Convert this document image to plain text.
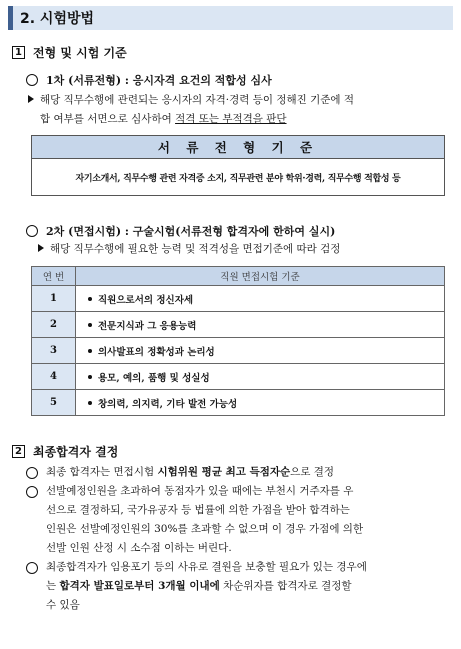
2. 시험방법
1 전형 및 시험 기준
1차 (서류전형) : 응시자격 요건의 적합성 심사
해당 직무수행에 관련되는 응시자의 자격·경력 등이 정해진 기준에 적
합 여부를 서면으로 심사하여 적격 또는 부적격을 판단
서 류 전 형 기 준
자기소개서, 직무수행 관련 자격증 소지, 직무관련 분야 학위·경력, 직무수행 적합성 등
2차 (면접시험) : 구술시험(서류전형 합격자에 한하여 실시)
해당 직무수행에 필요한 능력 및 적격성을 면접기준에 따라 검정
연 번	직원 면접시험 기준
1	직원으로서의 정신자세
2	전문지식과 그 응용능력
3	의사발표의 정확성과 논리성
4	용모, 예의, 품행 및 성실성
5	창의력, 의지력, 기타 발전 가능성
2 최종합격자 결정
최종 합격자는 면접시험 시험위원 평균 최고 득점자순으로 결정
선발예정인원을 초과하여 동점자가 있을 때에는 부천시 거주자를 우
선으로 결정하되, 국가유공자 등 법률에 의한 가점을 받아 합격하는
인원은 선발예정인원의 30%를 초과할 수 없으며 이 경우 가점에 의한
선발 인원 산정 시 소수점 이하는 버린다.
최종합격자가 임용포기 등의 사유로 결원을 보충할 필요가 있는 경우에
는 합격자 발표일로부터 3개월 이내에 차순위자를 합격자로 결정할
수 있음
